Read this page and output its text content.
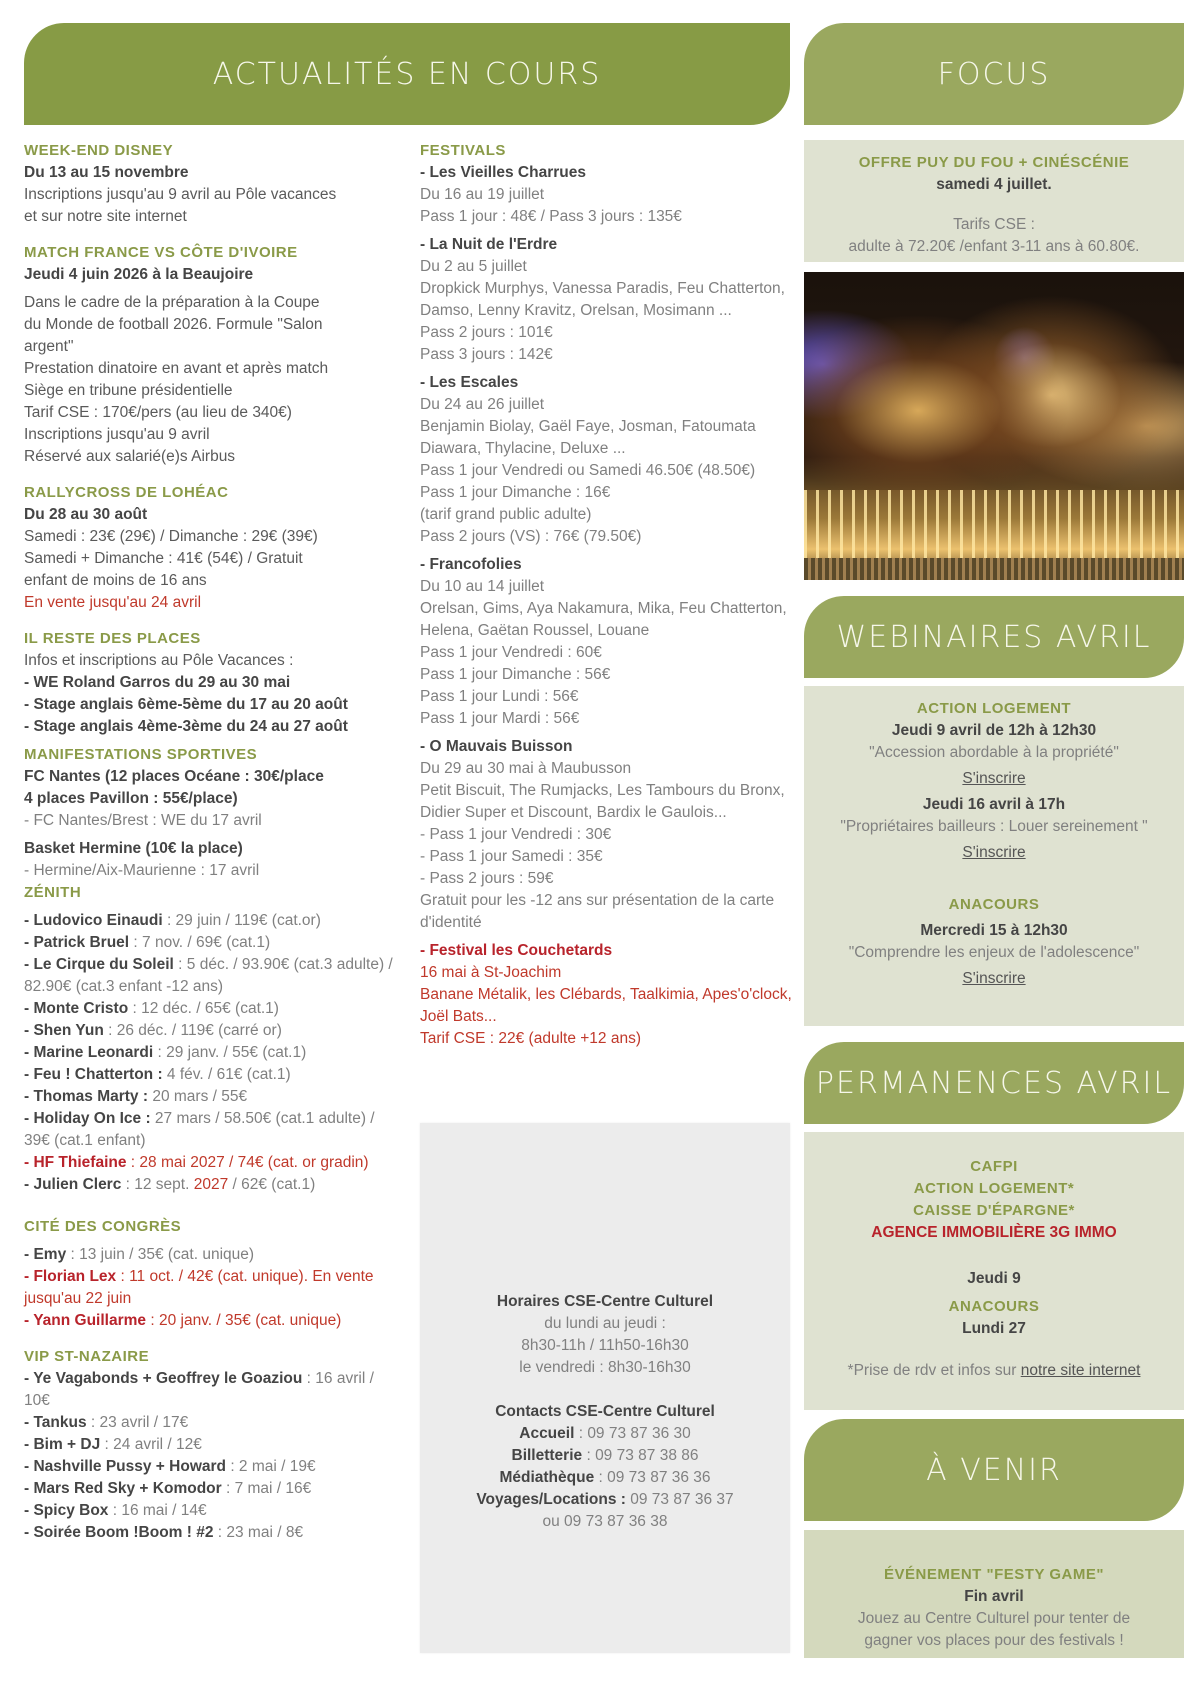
ACTUALITÉS EN COURS	FOCUS
WEBINAIRES AVRIL
PERMANENCES AVRIL
À VENIR
WEEK-END DISNEY
Du 13 au 15 novembre
Inscriptions jusqu'au 9 avril au Pôle vacances
et sur notre site internet
MATCH FRANCE VS CÔTE D'IVOIRE
Jeudi 4 juin 2026 à la Beaujoire
Dans le cadre de la préparation à la Coupe
du Monde de football 2026. Formule "Salon
argent"
Prestation dinatoire en avant et après match
Siège en tribune présidentielle
Tarif CSE : 170€/pers (au lieu de 340€)
Inscriptions jusqu'au 9 avril
Réservé aux salarié(e)s Airbus
RALLYCROSS DE LOHÉAC
Du 28 au 30 août
Samedi : 23€ (29€) / Dimanche : 29€ (39€)
Samedi + Dimanche : 41€ (54€) / Gratuit
enfant de moins de 16 ans
En vente jusqu'au 24 avril
IL RESTE DES PLACES
Infos et inscriptions au Pôle Vacances :
- WE Roland Garros du 29 au 30 mai
- Stage anglais 6ème-5ème du 17 au 20 août
- Stage anglais 4ème-3ème du 24 au 27 août
MANIFESTATIONS SPORTIVES
FC Nantes (12 places Océane : 30€/place
4 places Pavillon : 55€/place)
- FC Nantes/Brest : WE du 17 avril
Basket Hermine (10€ la place)
- Hermine/Aix-Maurienne : 17 avril
ZÉNITH
- Ludovico Einaudi : 29 juin / 119€ (cat.or)
- Patrick Bruel : 7 nov. / 69€ (cat.1)
- Le Cirque du Soleil : 5 déc. / 93.90€ (cat.3 adulte) / 82.90€ (cat.3 enfant -12 ans)
- Monte Cristo : 12 déc. / 65€ (cat.1)
- Shen Yun : 26 déc. / 119€ (carré or)
- Marine Leonardi : 29 janv. / 55€ (cat.1)
- Feu ! Chatterton : 4 fév. / 61€ (cat.1)
- Thomas Marty : 20 mars / 55€
- Holiday On Ice : 27 mars / 58.50€ (cat.1 adulte) / 39€ (cat.1 enfant)
- HF Thiefaine : 28 mai 2027 / 74€ (cat. or gradin)
- Julien Clerc : 12 sept. 2027 / 62€ (cat.1)
CITÉ DES CONGRÈS
- Emy : 13 juin / 35€ (cat. unique)
- Florian Lex : 11 oct. / 42€ (cat. unique). En vente jusqu'au 22 juin
- Yann Guillarme : 20 janv. / 35€ (cat. unique)
VIP ST-NAZAIRE
- Ye Vagabonds + Geoffrey le Goaziou : 16 avril / 10€
- Tankus : 23 avril / 17€
- Bim + DJ : 24 avril / 12€
- Nashville Pussy + Howard : 2 mai / 19€
- Mars Red Sky + Komodor : 7 mai / 16€
- Spicy Box : 16 mai / 14€
- Soirée Boom !Boom ! #2 : 23 mai / 8€
FESTIVALS
- Les Vieilles Charrues
Du 16 au 19 juillet
Pass 1 jour : 48€ / Pass 3 jours : 135€
- La Nuit de l'Erdre
Du 2 au 5 juillet
Dropkick Murphys, Vanessa Paradis, Feu Chatterton, Damso, Lenny Kravitz, Orelsan, Mosimann ...
Pass 2 jours : 101€
Pass 3 jours : 142€
- Les Escales
Du 24 au 26 juillet
Benjamin Biolay, Gaël Faye, Josman, Fatoumata Diawara, Thylacine, Deluxe ...
Pass 1 jour Vendredi ou Samedi 46.50€ (48.50€)
Pass 1 jour Dimanche : 16€
(tarif grand public adulte)
Pass 2 jours (VS) : 76€ (79.50€)
- Francofolies
Du 10 au 14 juillet
Orelsan, Gims, Aya Nakamura, Mika, Feu Chatterton, Helena, Gaëtan Roussel, Louane
Pass 1 jour Vendredi : 60€
Pass 1 jour Dimanche : 56€
Pass 1 jour Lundi : 56€
Pass 1 jour Mardi : 56€
- O Mauvais Buisson
Du 29 au 30 mai à Maubusson
Petit Biscuit, The Rumjacks, Les Tambours du Bronx, Didier Super et Discount, Bardix le Gaulois...
- Pass 1 jour Vendredi : 30€
- Pass 1 jour Samedi : 35€
- Pass 2 jours : 59€
Gratuit pour les -12 ans sur présentation de la carte d'identité
- Festival les Couchetards
16 mai à St-Joachim
Banane Métalik, les Clébards, Taalkimia, Apes'o'clock, Joël Bats...
Tarif CSE : 22€ (adulte +12 ans)
Horaires CSE-Centre Culturel
du lundi au jeudi :
8h30-11h / 11h50-16h30
le vendredi : 8h30-16h30
Contacts CSE-Centre Culturel
Accueil : 09 73 87 36 30
Billetterie : 09 73 87 38 86
Médiathèque : 09 73 87 36 36
Voyages/Locations : 09 73 87 36 37
ou 09 73 87 36 38
OFFRE PUY DU FOU + CINÉSCÉNIE
samedi 4 juillet.
Tarifs CSE :
adulte à 72.20€ /enfant 3-11 ans à 60.80€.
ACTION LOGEMENT
Jeudi 9 avril de 12h à 12h30
"Accession abordable à la propriété"
S'inscrire
Jeudi 16 avril à 17h
"Propriétaires bailleurs : Louer sereinement "
S'inscrire
ANACOURS
Mercredi 15 à 12h30
"Comprendre les enjeux de l'adolescence"
S'inscrire
CAFPI
ACTION LOGEMENT*
CAISSE D'ÉPARGNE*
AGENCE IMMOBILIÈRE 3G IMMO
Jeudi 9
ANACOURS
Lundi 27
*Prise de rdv et infos sur notre site internet
ÉVÉNEMENT "FESTY GAME"
Fin avril
Jouez au Centre Culturel pour tenter de
gagner vos places pour des festivals !
